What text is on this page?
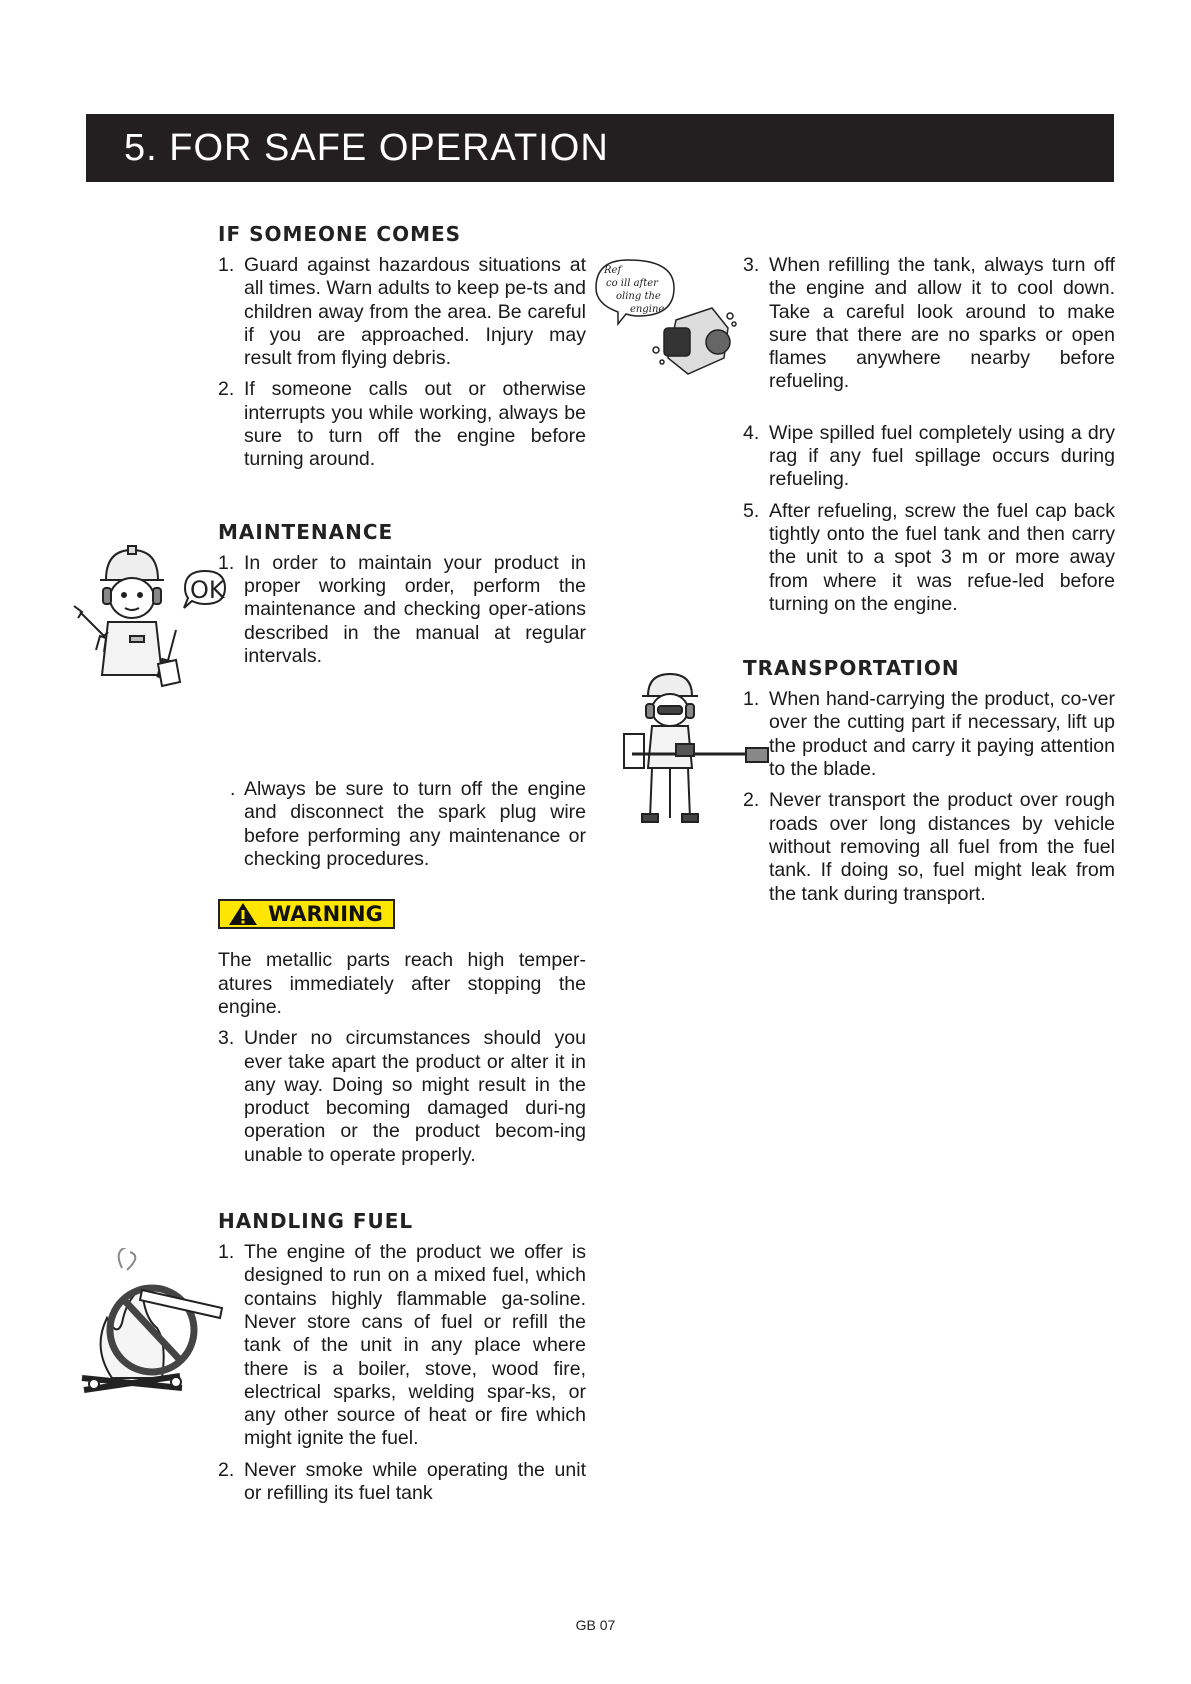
5. FOR SAFE OPERATION
IF SOMEONE COMES

1. Guard against hazardous situations at all times. Warn adults to keep pe-ts and children away from the area. Be careful if you are approached. Injury may result from flying debris.

2. If someone calls out or otherwise interrupts you while working, always be sure to turn off the engine before turning around.

MAINTENANCE

1. In order to maintain your product in proper working order, perform the maintenance and checking oper-ations described in the manual at regular intervals.

. Always be sure to turn off the engine and disconnect the spark plug wire before performing any maintenance or checking procedures.

WARNING

The metallic parts reach high temper-atures immediately after stopping the engine.

3. Under no circumstances should you ever take apart the product or alter it in any way. Doing so might result in the product becoming damaged duri-ng operation or the product becom-ing unable to operate properly.

HANDLING FUEL

1. The engine of the product we offer is designed to run on a mixed fuel, which contains highly flammable ga-soline. Never store cans of fuel or refill the tank of the unit in any place where there is a boiler, stove, wood fire, electrical sparks, welding spar-ks, or any other source of heat or fire which might ignite the fuel.

2. Never smoke while operating the unit or refilling its fuel tank

3. When refilling the tank, always turn off the engine and allow it to cool down. Take a careful look around to make sure that there are no sparks or open flames anywhere nearby before refueling.

4. Wipe spilled fuel completely using a dry rag if any fuel spillage occurs during refueling.

5. After refueling, screw the fuel cap back tightly onto the fuel tank and then carry the unit to a spot 3 m or more away from where it was refue-led before turning on the engine.

TRANSPORTATION

1. When hand-carrying the product, co-ver over the cutting part if necessary, lift up the product and carry it paying attention to the blade.

2. Never transport the product over rough roads over long distances by vehicle without removing all fuel from the fuel tank. If doing so, fuel might leak from the tank during transport.

OK
Ref
co ill after
oling the
engine
GB 07
